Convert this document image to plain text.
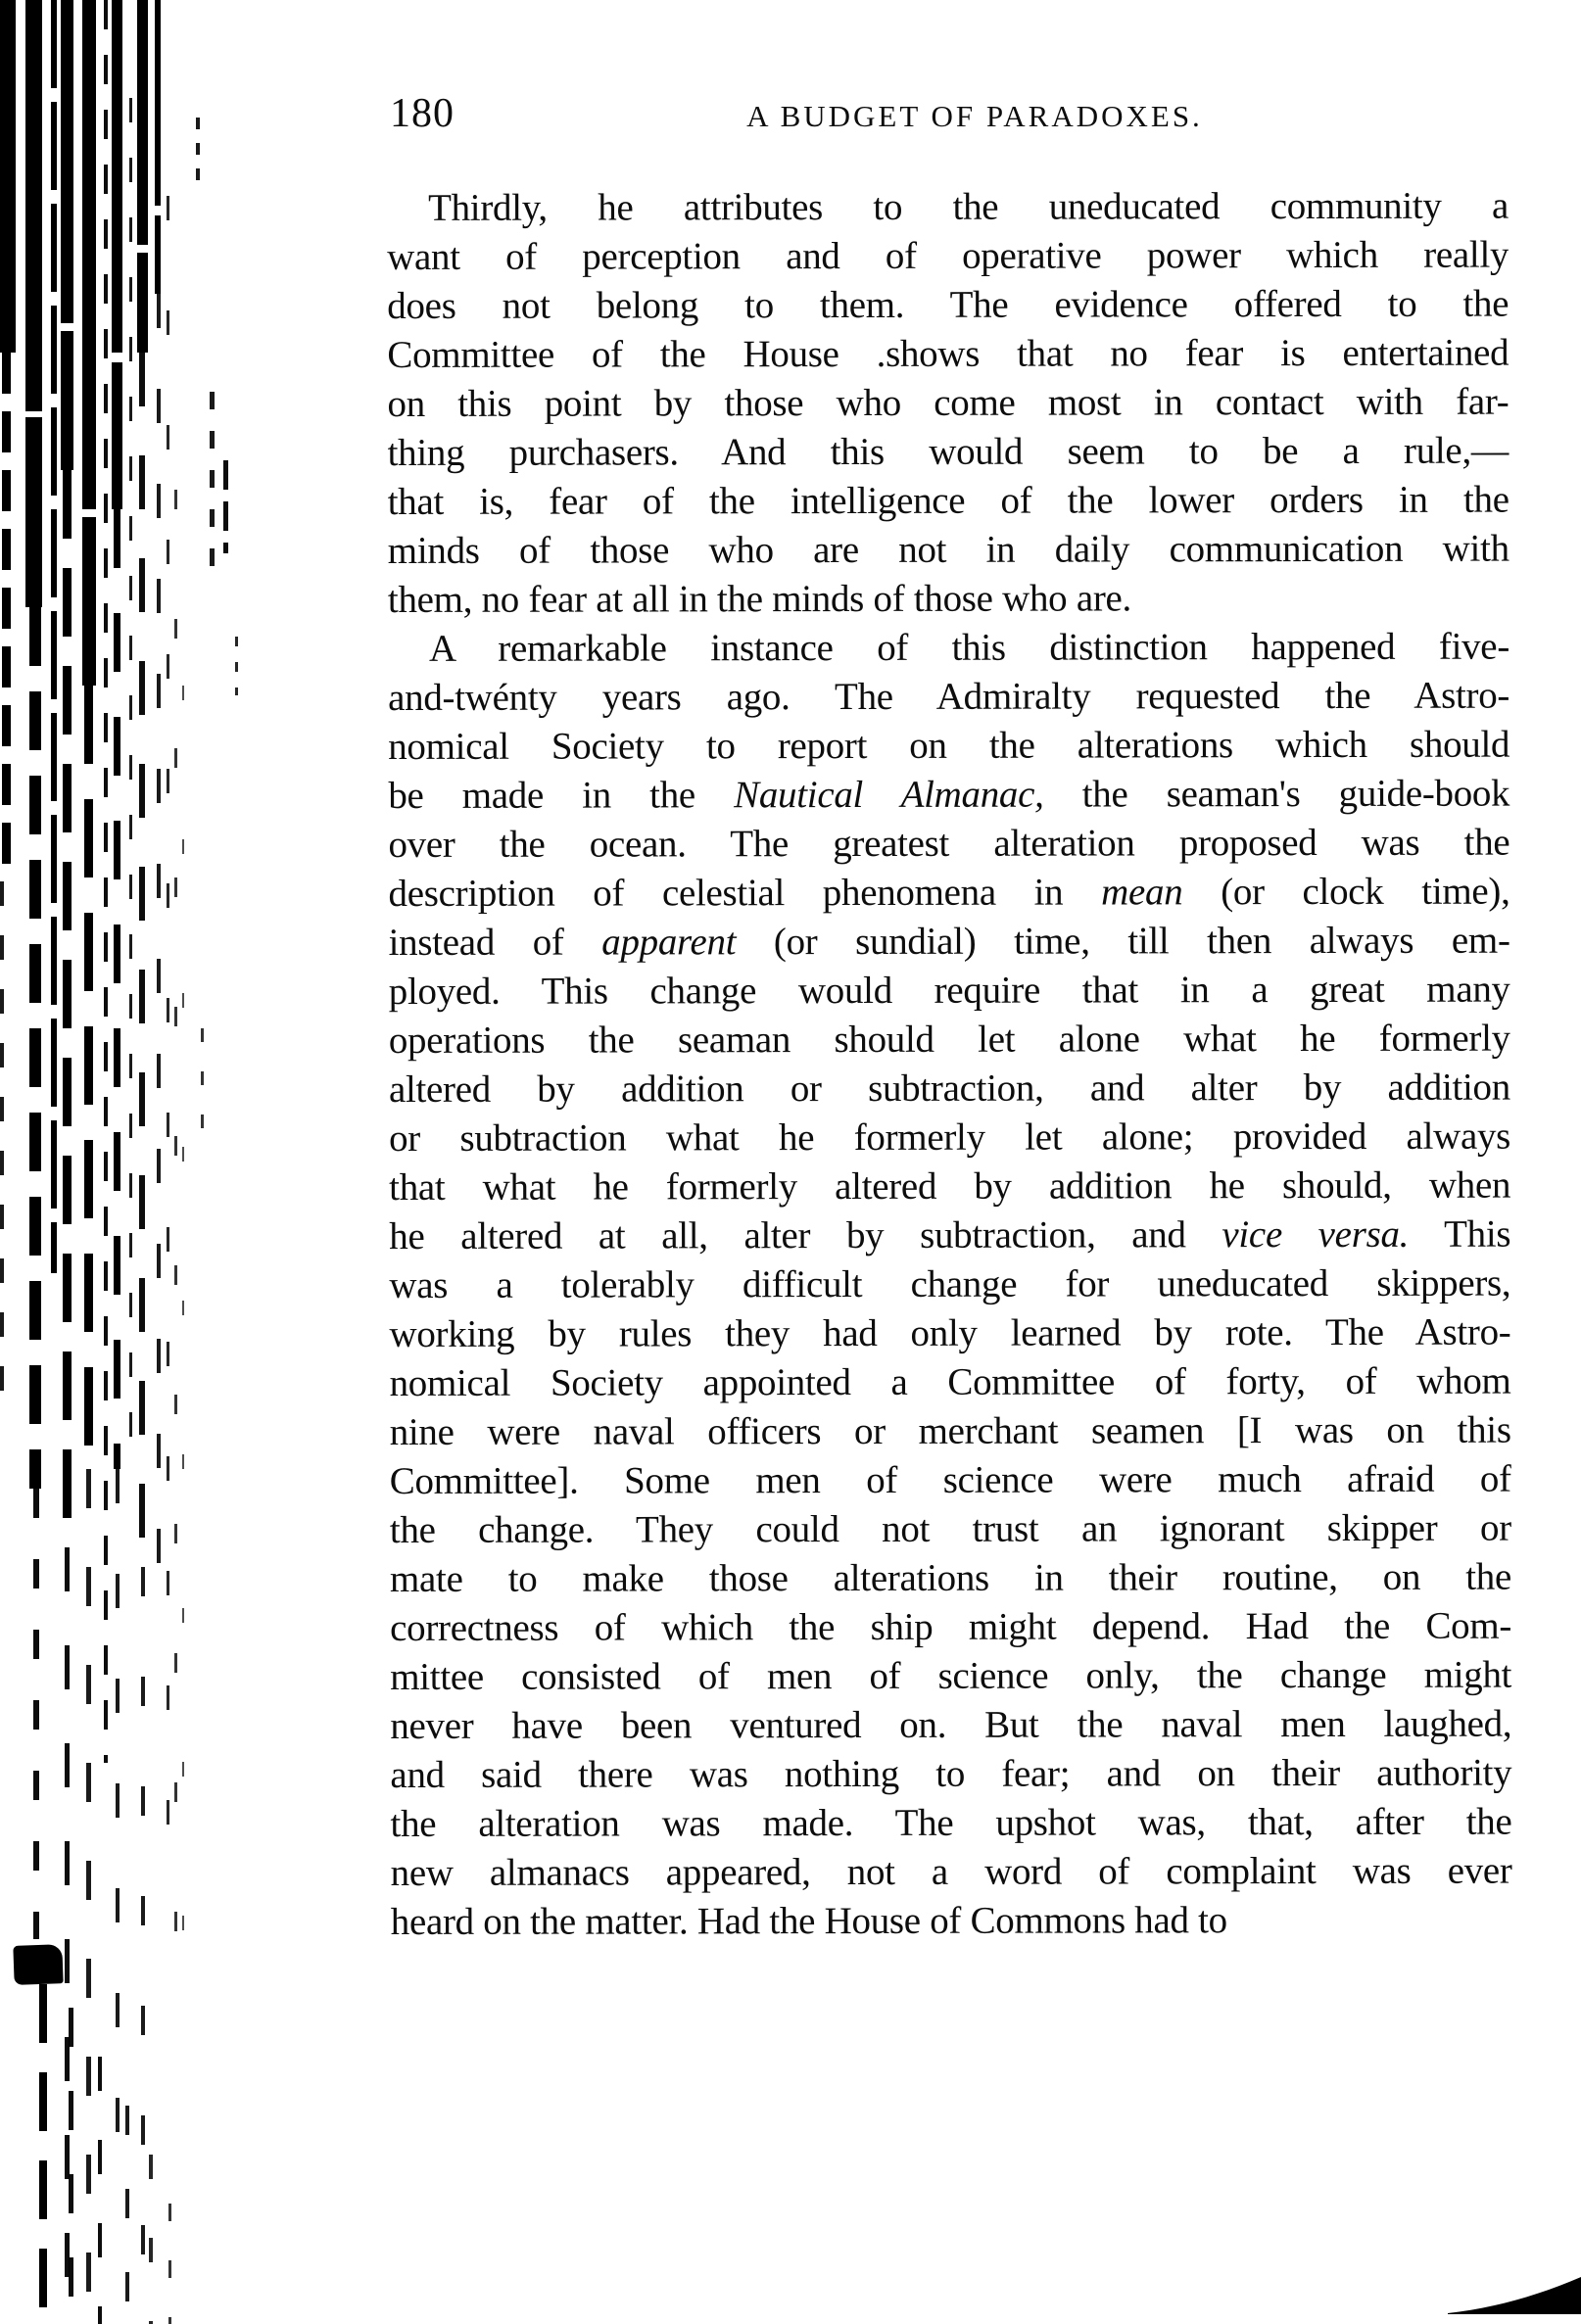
180	A BUDGET OF PARADOXES.
Thirdly, he attributes to the uneducated community a
want of perception and of operative power which really
does not belong to them. The evidence offered to the
Committee of the House .shows that no fear is entertained
on this point by those who come most in contact with far-
thing purchasers. And this would seem to be a rule,—
that is, fear of the intelligence of the lower orders in the
minds of those who are not in daily communication with
them, no fear at all in the minds of those who are.
A remarkable instance of this distinction happened five-
and-twénty years ago. The Admiralty requested the Astro-
nomical Society to report on the alterations which should
be made in the Nautical Almanac, the seaman's guide-book
over the ocean. The greatest alteration proposed was the
description of celestial phenomena in mean (or clock time),
instead of apparent (or sundial) time, till then always em-
ployed. This change would require that in a great many
operations the seaman should let alone what he formerly
altered by addition or subtraction, and alter by addition
or subtraction what he formerly let alone; provided always
that what he formerly altered by addition he should, when
he altered at all, alter by subtraction, and vice versa. This
was a tolerably difficult change for uneducated skippers,
working by rules they had only learned by rote. The Astro-
nomical Society appointed a Committee of forty, of whom
nine were naval officers or merchant seamen [I was on this
Committee]. Some men of science were much afraid of
the change. They could not trust an ignorant skipper or
mate to make those alterations in their routine, on the
correctness of which the ship might depend. Had the Com-
mittee consisted of men of science only, the change might
never have been ventured on. But the naval men laughed,
and said there was nothing to fear; and on their authority
the alteration was made. The upshot was, that, after the
new almanacs appeared, not a word of complaint was ever
heard on the matter. Had the House of Commons had to
